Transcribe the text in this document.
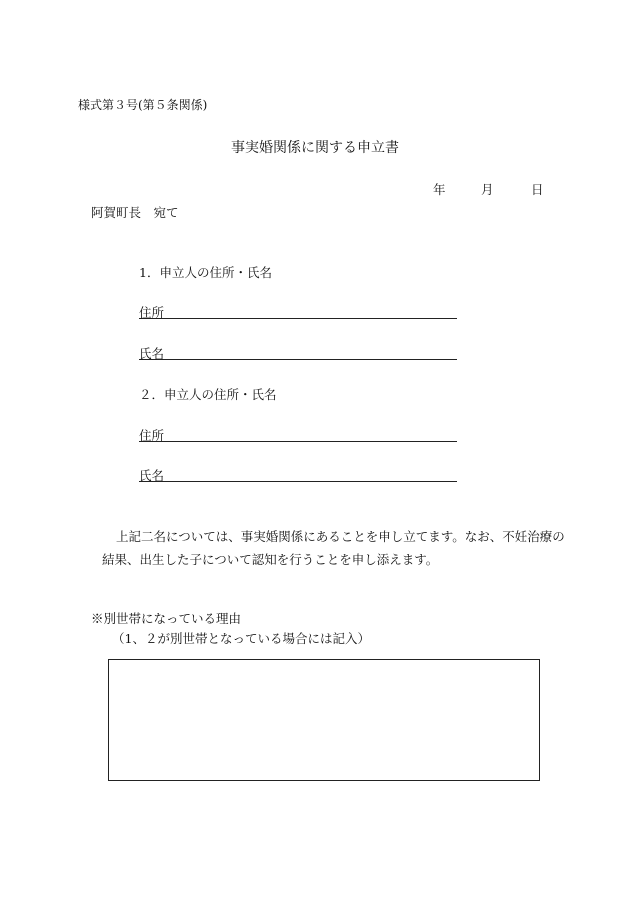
様式第３号(第５条関係)
事実婚関係に関する申立書
年	月	日
阿賀町長　宛て
1．申立人の住所・氏名
住所
氏名
２．申立人の住所・氏名
住所
氏名
上記二名については、事実婚関係にあることを申し立てます。なお、不妊治療の
結果、出生した子について認知を行うことを申し添えます。
※別世帯になっている理由
（1、２が別世帯となっている場合には記入）
